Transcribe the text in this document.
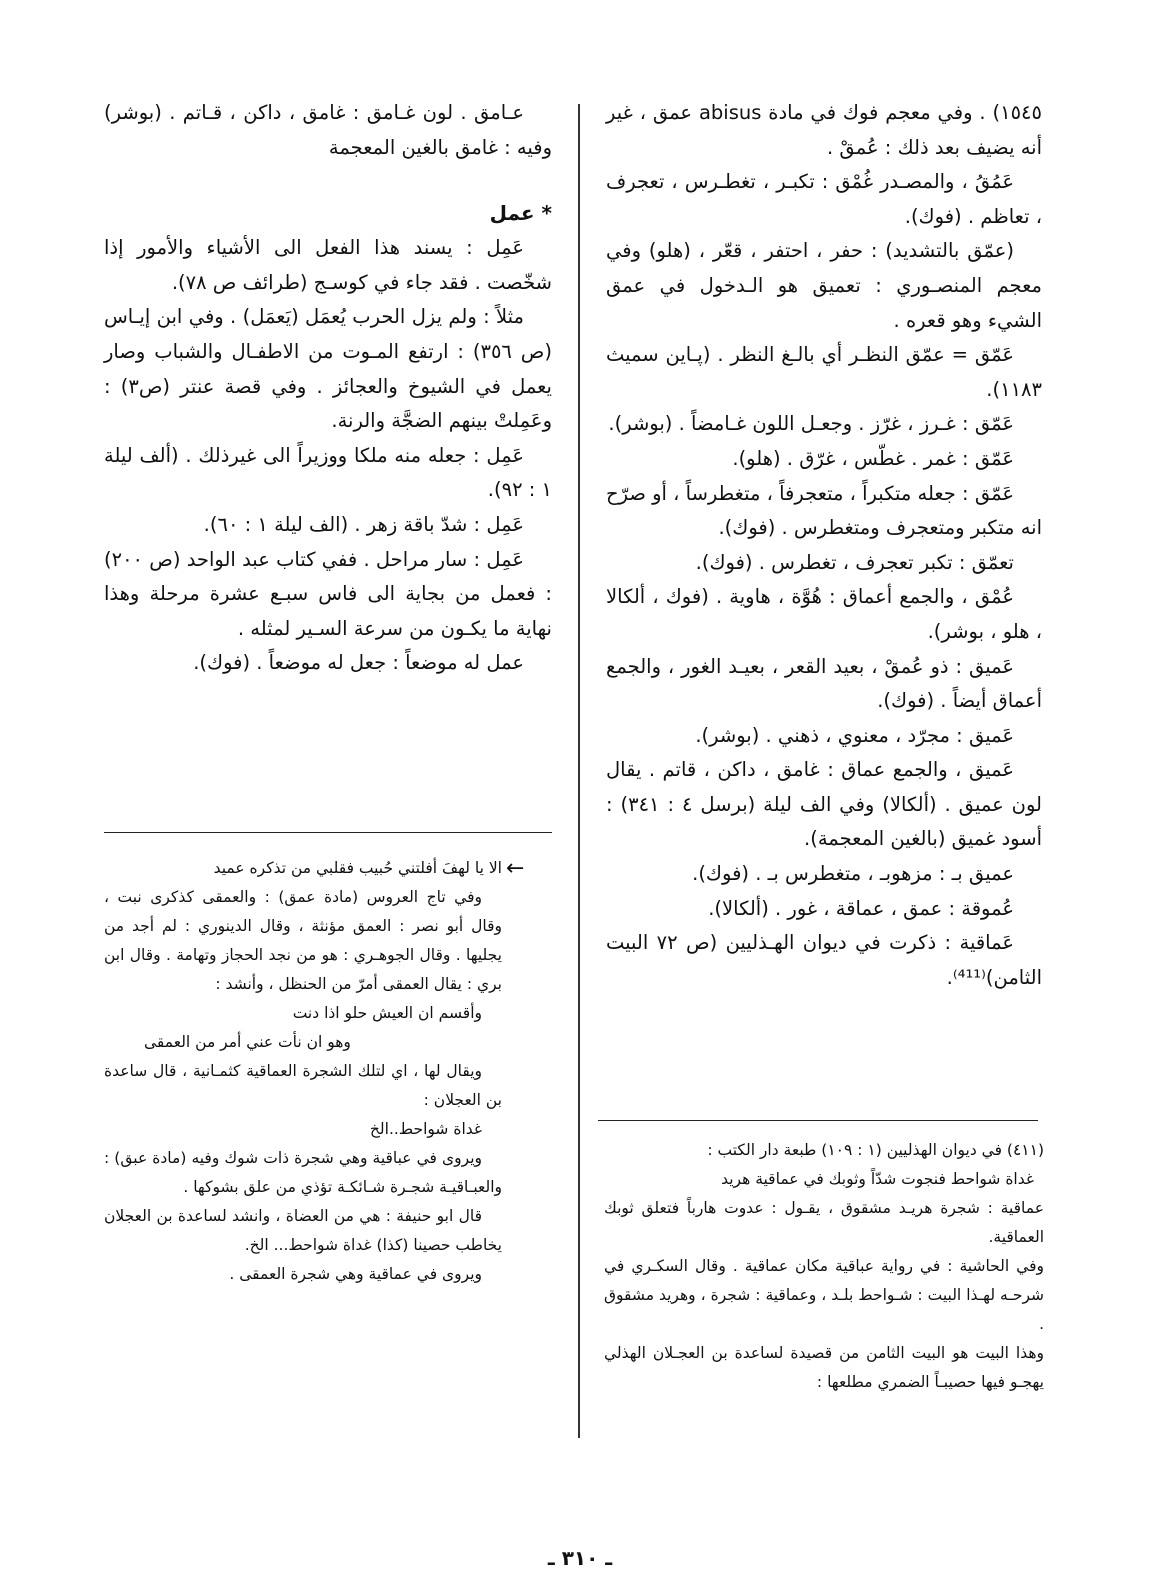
١٥٤٥) . وفي معجم فوك في مادة abisus عمق ، غير أنه يضيف بعد ذلك : عُمقْ .

عَمُقُ ، والمصـدر غُمْق : تكبـر ، تغطـرس ، تعجرف ، تعاظم . (فوك).

(عمّق بالتشديد) : حفر ، احتفر ، قعّر ، (هلو) وفي معجم المنصـوري : تعميق هو الـدخول في عمق الشيء وهو قعره .

عَمّق = عمّق النظـر أي بالـغ النظر . (پـاين سميث ١١٨٣).

عَمّق : غـرز ، غرّز . وجعـل اللون غـامضاً . (بوشر).

عَمّق : غمر . غطّس ، غرّق . (هلو).

عَمّق : جعله متكبراً ، متعجرفاً ، متغطرساً ، أو صرّح انه متكبر ومتعجرف ومتغطرس . (فوك).

تعمّق : تكبر تعجرف ، تغطرس . (فوك).

عُمْق ، والجمع أعماق : هُوَّة ، هاوية . (فوك ، ألكالا ، هلو ، بوشر).

عَميق : ذو عُمقْ ، بعيد القعر ، بعيـد الغور ، والجمع أعماق أيضاً . (فوك).

عَميق : مجرّد ، معنوي ، ذهني . (بوشر).

عَميق ، والجمع عماق : غامق ، داكن ، قاتم . يقال لون عميق . (ألكالا) وفي الف ليلة (برسل ٤ : ٣٤١) : أسود غميق (بالغين المعجمة).

عميق بـ : مزهوبـ ، متغطرس بـ . (فوك).

عُموقة : عمق ، عماقة ، غور . (ألكالا).

عَماقية : ذكرت في ديوان الهـذليين (ص ٧٢ البيت الثامن)⁽⁴¹¹⁾.

عـامق . لون غـامق : غامق ، داكن ، قـاتم . (بوشر) وفيه : غامق بالغين المعجمة

* عمل

عَمِل : يسند هذا الفعل الى الأشياء والأمور إذا شخّصت . فقد جاء في كوسـج (طرائف ص ٧٨).

مثلاً : ولم يزل الحرب يُعمَل (يَعمَل) . وفي ابن إيـاس (ص ٣٥٦) : ارتفع المـوت من الاطفـال والشباب وصار يعمل في الشيوخ والعجائز . وفي قصة عنتر (ص٣) : وعَمِلتْ بينهم الضجَّة والرنة.

عَمِل : جعله منه ملكا ووزيراً الى غيرذلك . (ألف ليلة ١ : ٩٢).

عَمِل : شدّ باقة زهر . (الف ليلة ١ : ٦٠).

عَمِل : سار مراحل . ففي كتاب عبد الواحد (ص ٢٠٠) : فعمل من بجاية الى فاس سبـع عشرة مرحلة وهذا نهاية ما يكـون من سرعة السـير لمثله .

عمل له موضعاً : جعل له موضعاً . (فوك).

←

الا يا لهفَ أفلتني حُبيب فقلبي من تذكره عميد

وفي تاج العروس (مادة عمق) : والعمقى كذكرى نبت ، وقال أبو نصر : العمق مؤنثة ، وقال الدينوري : لم أجد من يجليها . وقال الجوهـري : هو من نجد الحجاز وتهامة . وقال ابن بري : يقال العمقى أمرّ من الحنظل ، وأنشد :

وأقسم ان العيش حلو اذا دنت

وهو ان نأت عني أمر من العمقى

ويقال لها ، اي لتلك الشجرة العماقية كثمـانية ، قال ساعدة بن العجلان :

غداة شواحط..الخ

ويروى في عباقية وهي شجرة ذات شوك وفيه (مادة عبق) : والعبـاقيـة شجـرة شـائكـة تؤذي من علق بشوكها .

قال ابو حنيفة : هي من العضاة ، وانشد لساعدة بن العجلان يخاطب حصينا (كذا) غداة شواحط... الخ.

ويروى في عماقية وهي شجرة العمقى .

(٤١١) في ديوان الهذليين (١ : ١٠٩) طبعة دار الكتب :

غداة شواحط فنجوت شدّاً وثوبك في عماقية هريد

عماقية : شجرة هريـد مشقوق ، يقـول : عدوت هارباً فتعلق ثوبك العماقية.

وفي الحاشية : في رواية عباقية مكان عماقية . وقال السكـري في شرحـه لهـذا البيت : شـواحط بلـد ، وعماقية : شجرة ، وهريد مشقوق .

وهذا البيت هو البيت الثامن من قصيدة لساعدة بن العجـلان الهذلي يهجـو فيها حصيبـاً الضمري مطلعها :

ـ ٣١٠ ـ
